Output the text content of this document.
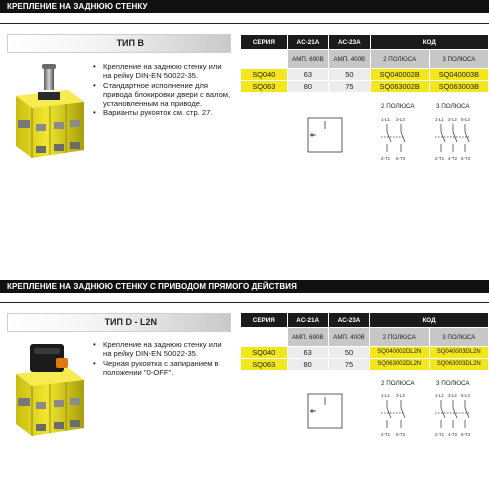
КРЕПЛЕНИЕ НА ЗАДНЮЮ СТЕНКУ
ТИП B
• Крепление на заднюю стенку или на рейку DIN-EN 50022-35.
• Стандартное исполнение для привода блокировки двери с валом, установленным на приводе.
• Варианты рукояток см. стр. 27.
СЕРИЯ	AC-21A	AC-23A	КОД	
	АМП. 690В	АМП. 400В	2 ПОЛЮСА	3 ПОЛЮСА
SQ040	63	50	SQ040002B	SQ040003B
SQ063	80	75	SQ063002B	SQ063003B
2 ПОЛЮСА	3 ПОЛЮСА
1-L1 3-L3
2-T1 6-T3
1-L1 3-L2 5-L3
2-T1 4-T2 6-T3
КРЕПЛЕНИЕ НА ЗАДНЮЮ СТЕНКУ С ПРИВОДОМ ПРЯМОГО ДЕЙСТВИЯ
ТИП D - L2N
• Крепление на заднюю стенку или на рейку DIN-EN 50022-35.
• Черная рукоятка с запиранием в положении "0-OFF".
СЕРИЯ	AC-21A	AC-23A	КОД	
	АМП. 690В	АМП. 400В	2 ПОЛЮСА	3 ПОЛЮСА
SQ040	63	50	SQ040002DL2N	SQ040003DL2N
SQ063	80	75	SQ063002DL2N	SQ063003DL2N
2 ПОЛЮСА	3 ПОЛЮСА
1-L1 3-L3
2-T1 6-T3
1-L1 3-L2 5-L3
2-T1 4-T2 6-T3
